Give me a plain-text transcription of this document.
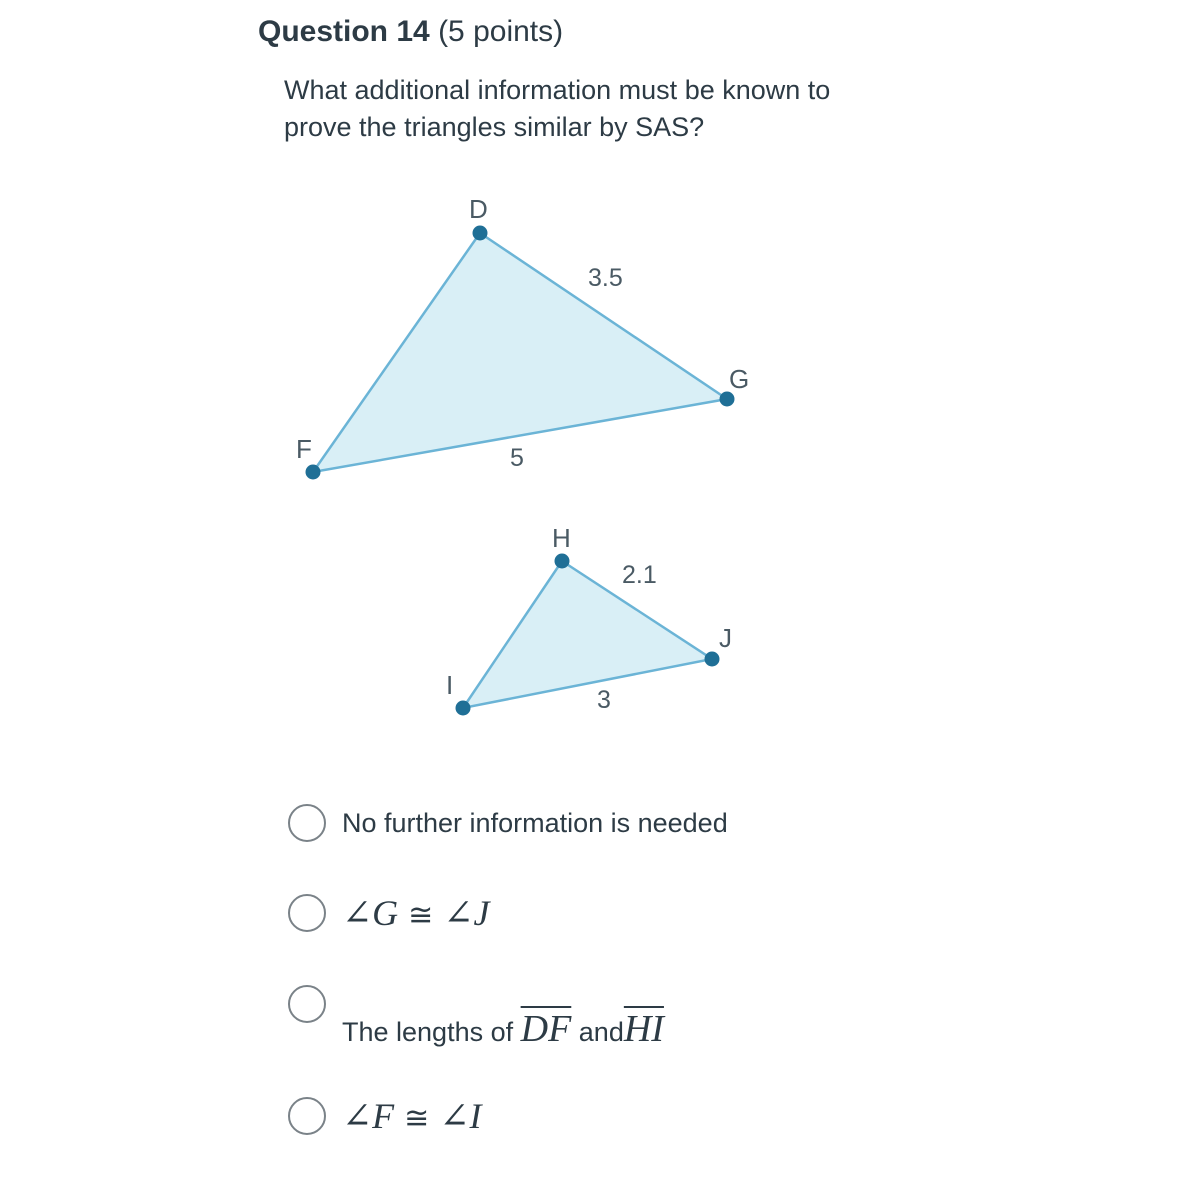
Question 14 (5 points)
What additional information must be known to
prove the triangles similar by SAS?
D
G
F
3.5
5
H
J
I
2.1
3
No further information is needed
∠G ≅ ∠J
The lengths of $\overline{DF}$ $and\overline{HI}$
∠F ≅ ∠I
